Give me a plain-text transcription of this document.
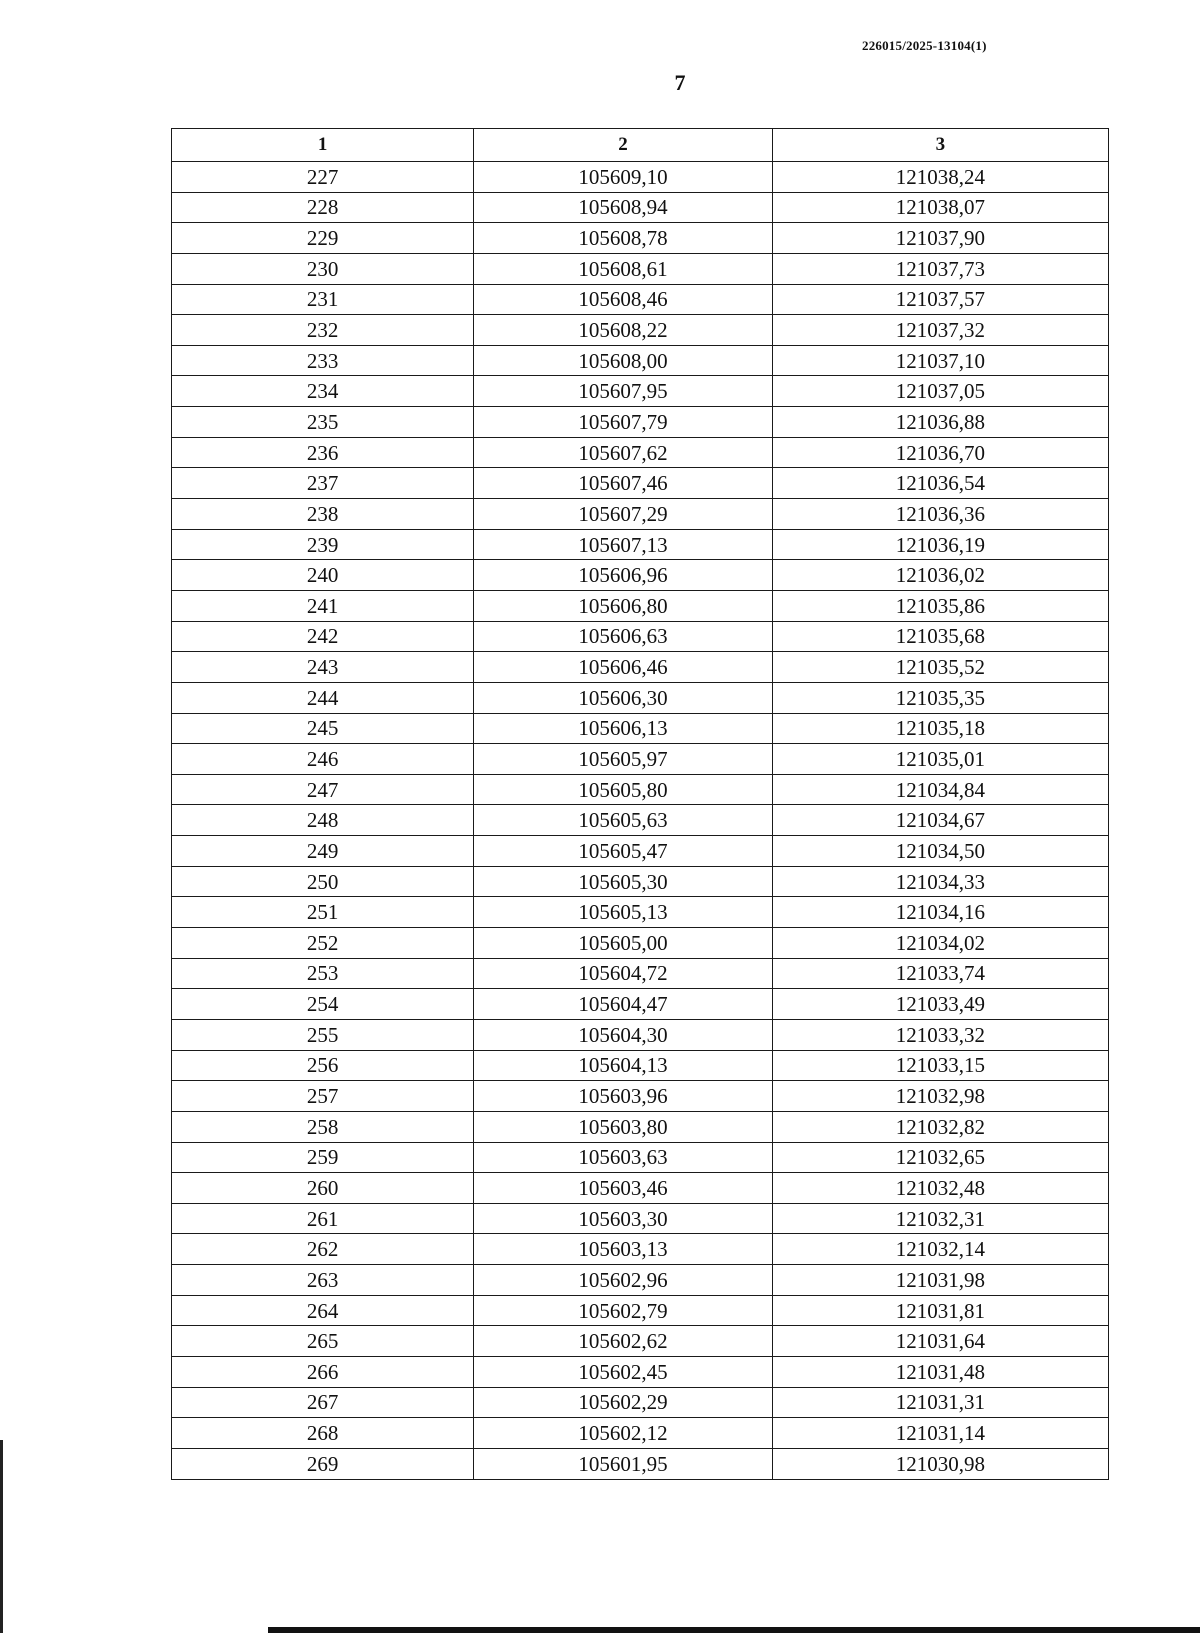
226015/2025-13104(1)
7
1	2	3
227	105609,10	121038,24
228	105608,94	121038,07
229	105608,78	121037,90
230	105608,61	121037,73
231	105608,46	121037,57
232	105608,22	121037,32
233	105608,00	121037,10
234	105607,95	121037,05
235	105607,79	121036,88
236	105607,62	121036,70
237	105607,46	121036,54
238	105607,29	121036,36
239	105607,13	121036,19
240	105606,96	121036,02
241	105606,80	121035,86
242	105606,63	121035,68
243	105606,46	121035,52
244	105606,30	121035,35
245	105606,13	121035,18
246	105605,97	121035,01
247	105605,80	121034,84
248	105605,63	121034,67
249	105605,47	121034,50
250	105605,30	121034,33
251	105605,13	121034,16
252	105605,00	121034,02
253	105604,72	121033,74
254	105604,47	121033,49
255	105604,30	121033,32
256	105604,13	121033,15
257	105603,96	121032,98
258	105603,80	121032,82
259	105603,63	121032,65
260	105603,46	121032,48
261	105603,30	121032,31
262	105603,13	121032,14
263	105602,96	121031,98
264	105602,79	121031,81
265	105602,62	121031,64
266	105602,45	121031,48
267	105602,29	121031,31
268	105602,12	121031,14
269	105601,95	121030,98
